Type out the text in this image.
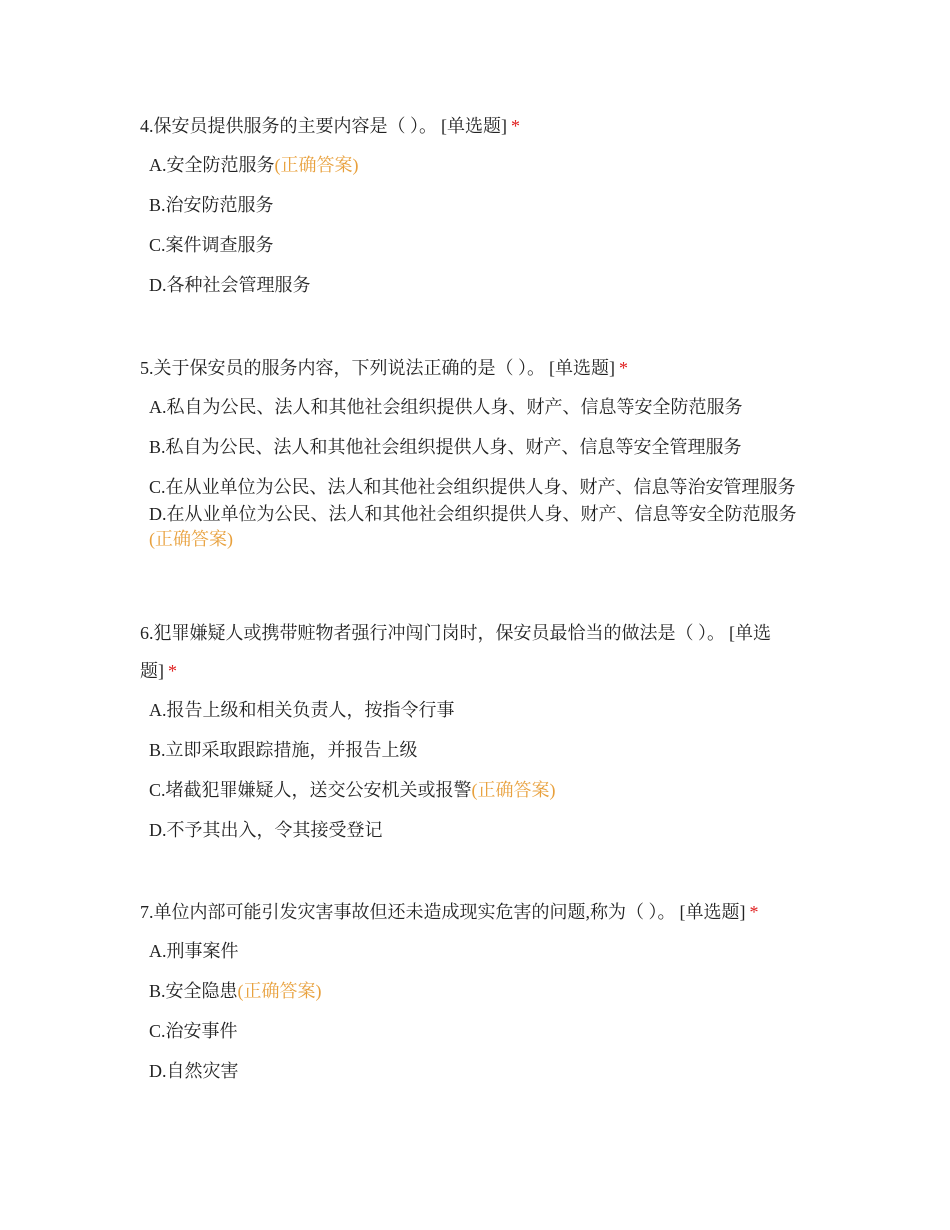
4.保安员提供服务的主要内容是（ ）。 [单选题] *

A.安全防范服务(正确答案)
B.治安防范服务
C.案件调查服务
D.各种社会管理服务

5.关于保安员的服务内容，下列说法正确的是（ ）。 [单选题] *

A.私自为公民、法人和其他社会组织提供人身、财产、信息等安全防范服务
B.私自为公民、法人和其他社会组织提供人身、财产、信息等安全管理服务
C.在从业单位为公民、法人和其他社会组织提供人身、财产、信息等治安管理服务
D.在从业单位为公民、法人和其他社会组织提供人身、财产、信息等安全防范服务(正确答案)

6.犯罪嫌疑人或携带赃物者强行冲闯门岗时，保安员最恰当的做法是（ ）。 [单选题] *

A.报告上级和相关负责人，按指令行事
B.立即采取跟踪措施，并报告上级
C.堵截犯罪嫌疑人，送交公安机关或报警(正确答案)
D.不予其出入，令其接受登记

7.单位内部可能引发灾害事故但还未造成现实危害的问题,称为（ ）。 [单选题] *

A.刑事案件
B.安全隐患(正确答案)
C.治安事件
D.自然灾害
